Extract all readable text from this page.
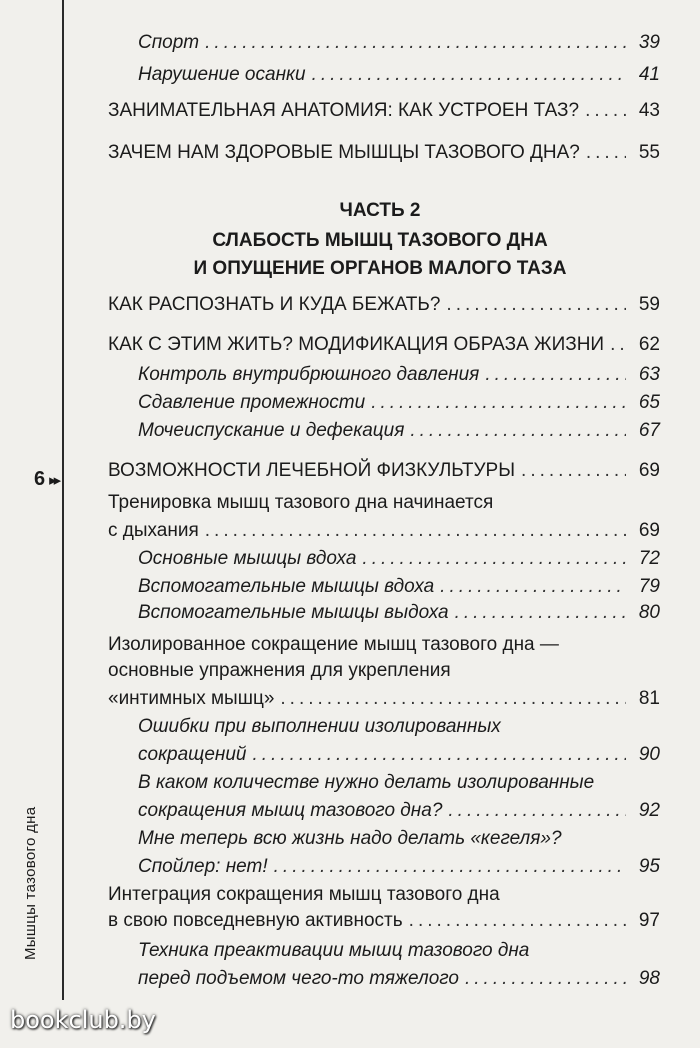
6 ▸▸
Мышцы тазового дна
Спорт .....	39
Нарушение осанки .....	41
ЗАНИМАТЕЛЬНАЯ АНАТОМИЯ: КАК УСТРОЕН ТАЗ? .....	43
ЗАЧЕМ НАМ ЗДОРОВЫЕ МЫШЦЫ ТАЗОВОГО ДНА? .....	55
ЧАСТЬ 2
СЛАБОСТЬ МЫШЦ ТАЗОВОГО ДНА
И ОПУЩЕНИЕ ОРГАНОВ МАЛОГО ТАЗА
КАК РАСПОЗНАТЬ И КУДА БЕЖАТЬ? .....	59
КАК С ЭТИМ ЖИТЬ? МОДИФИКАЦИЯ ОБРАЗА ЖИЗНИ .....	62
Контроль внутрибрюшного давления .....	63
Сдавление промежности .....	65
Мочеиспускание и дефекация .....	67
ВОЗМОЖНОСТИ ЛЕЧЕБНОЙ ФИЗКУЛЬТУРЫ .....	69
Тренировка мышц тазового дна начинается
с дыхания .....	69
Основные мышцы вдоха .....	72
Вспомогательные мышцы вдоха .....	79
Вспомогательные мышцы выдоха .....	80
Изолированное сокращение мышц тазового дна —
основные упражнения для укрепления
«интимных мышц» .....	81
Ошибки при выполнении изолированных
сокращений .....	90
В каком количестве нужно делать изолированные
сокращения мышц тазового дна? .....	92
Мне теперь всю жизнь надо делать «кегеля»?
Спойлер: нет! .....	95
Интеграция сокращения мышц тазового дна
в свою повседневную активность .....	97
Техника преактивации мышц тазового дна
перед подъемом чего-то тяжелого .....	98
bookclub.by
